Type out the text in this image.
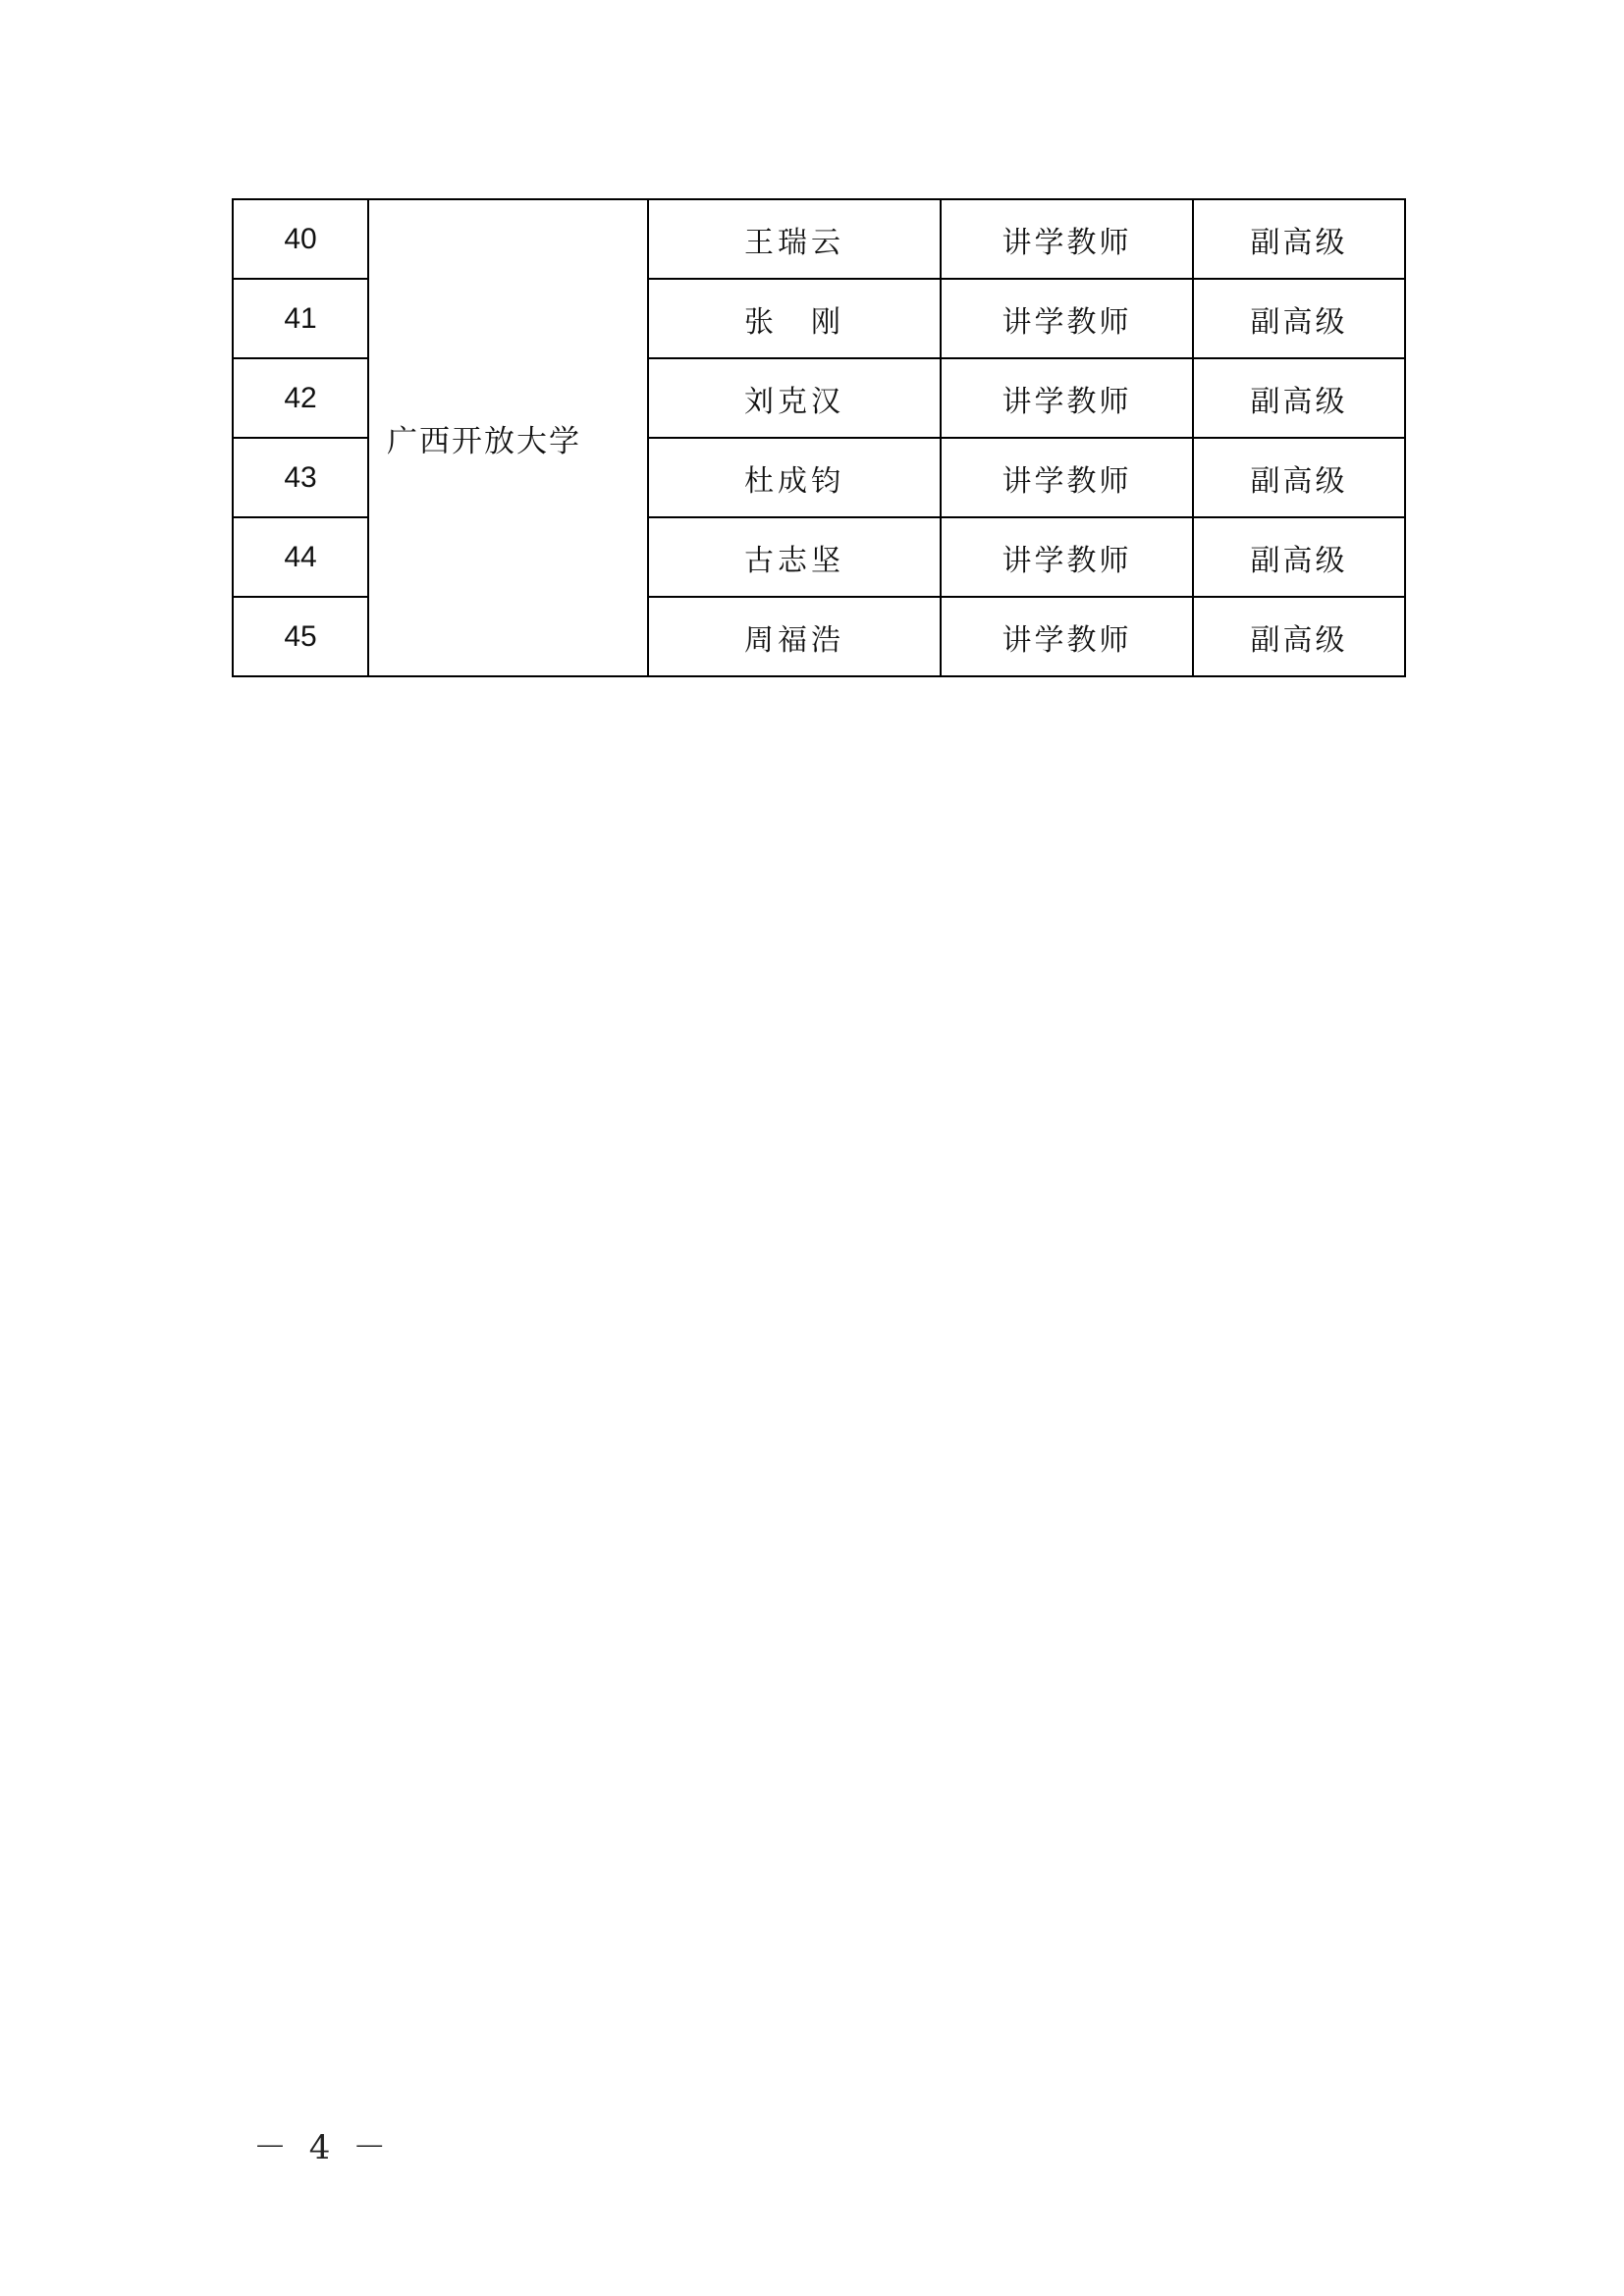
40	广西开放大学	王瑞云	讲学教师	副高级
41		张　刚	讲学教师	副高级
42		刘克汉	讲学教师	副高级
43		杜成钧	讲学教师	副高级
44		古志坚	讲学教师	副高级
45		周福浩	讲学教师	副高级
－ 4 －
